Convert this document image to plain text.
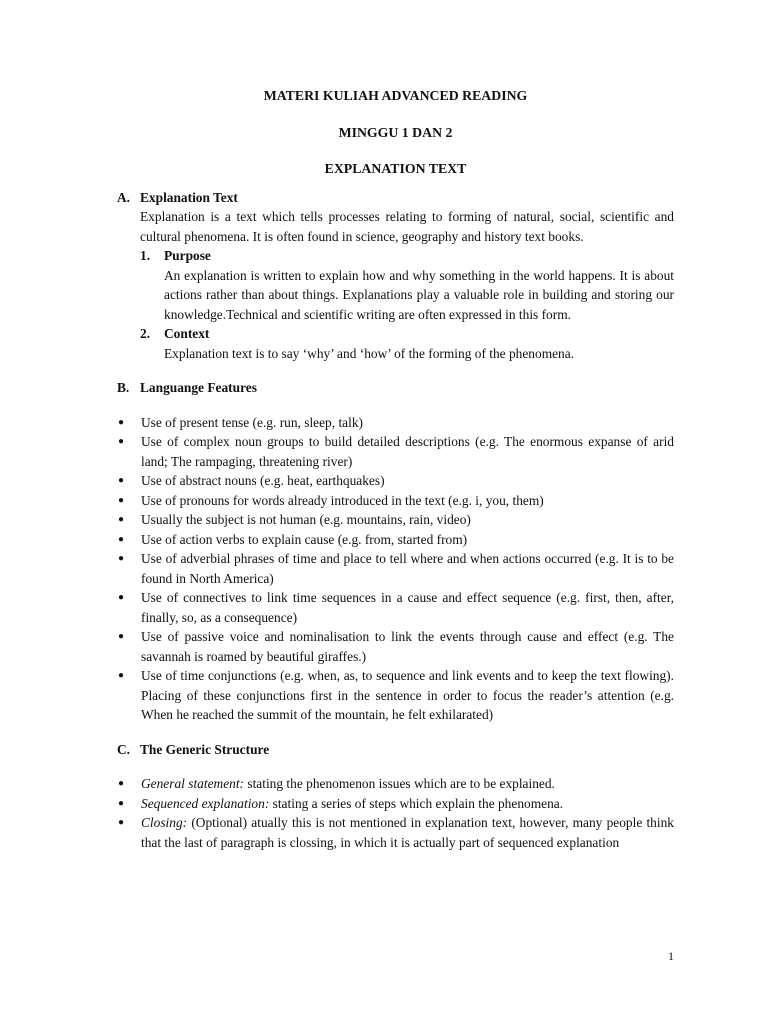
MATERI KULIAH ADVANCED READING

MINGGU 1 DAN 2

EXPLANATION TEXT

A. Explanation Text
Explanation is a text which tells processes relating to forming of natural, social, scientific and cultural phenomena. It is often found in science, geography and history text books.
1.	Purpose
An explanation is written to explain how and why something in the world happens. It is about actions rather than about things. Explanations play a valuable role in building and storing our knowledge.Technical and scientific writing are often expressed in this form.
2.	Context
Explanation text is to say ‘why’ and ‘how’ of the forming of the phenomena.
B. Languange Features
●	Use of present tense (e.g. run, sleep, talk)
●	Use of complex noun groups to build detailed descriptions (e.g. The enormous expanse of arid land; The rampaging, threatening river)
●	Use of abstract nouns (e.g. heat, earthquakes)
●	Use of pronouns for words already introduced in the text (e.g. i, you, them)
●	Usually the subject is not human (e.g. mountains, rain, video)
●	Use of action verbs to explain cause (e.g. from, started from)
●	Use of adverbial phrases of time and place to tell where and when actions occurred (e.g. It is to be found in North America)
●	Use of connectives to link time sequences in a cause and effect sequence (e.g. first, then, after, finally, so, as a consequence)
●	Use of passive voice and nominalisation to link the events through cause and effect (e.g. The savannah is roamed by beautiful giraffes.)
●	Use of time conjunctions (e.g. when, as, to sequence and link events and to keep the text flowing). Placing of these conjunctions first in the sentence in order to focus the reader’s attention (e.g. When he reached the summit of the mountain, he felt exhilarated)
C. The Generic Structure
●	General statement: stating the phenomenon issues which are to be explained.
●	Sequenced explanation: stating a series of steps which explain the phenomena.
●	Closing: (Optional) atually this is not mentioned in explanation text, however, many people think that the last of paragraph is clossing, in which it is actually part of sequenced explanation
1
